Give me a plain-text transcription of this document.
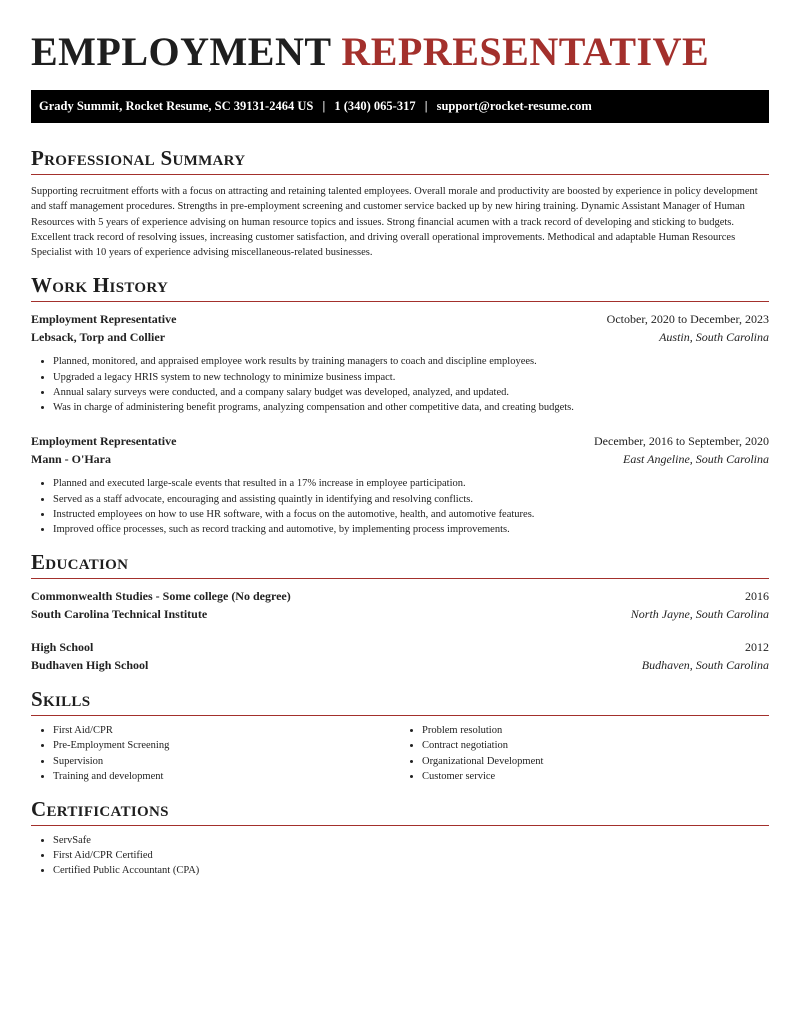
EMPLOYMENT REPRESENTATIVE
Grady Summit, Rocket Resume, SC 39131-2464 US | 1 (340) 065-317 | support@rocket-resume.com
Professional Summary

Supporting recruitment efforts with a focus on attracting and retaining talented employees. Overall morale and productivity are boosted by experience in policy development and staff management procedures. Strengths in pre-employment screening and customer service backed up by new hiring training. Dynamic Assistant Manager of Human Resources with 5 years of experience advising on human resource topics and issues. Strong financial acumen with a track record of developing and sticking to budgets. Excellent track record of resolving issues, increasing customer satisfaction, and driving overall operational improvements. Methodical and adaptable Human Resources Specialist with 10 years of experience advising miscellaneous-related businesses.

Work History
Employment Representative	October, 2020 to December, 2023
Lebsack, Torp and Collier	Austin, South Carolina
• Planned, monitored, and appraised employee work results by training managers to coach and discipline employees.
• Upgraded a legacy HRIS system to new technology to minimize business impact.
• Annual salary surveys were conducted, and a company salary budget was developed, analyzed, and updated.
• Was in charge of administering benefit programs, analyzing compensation and other competitive data, and creating budgets.
Employment Representative	December, 2016 to September, 2020
Mann - O'Hara	East Angeline, South Carolina
• Planned and executed large-scale events that resulted in a 17% increase in employee participation.
• Served as a staff advocate, encouraging and assisting quaintly in identifying and resolving conflicts.
• Instructed employees on how to use HR software, with a focus on the automotive, health, and automotive features.
• Improved office processes, such as record tracking and automotive, by implementing process improvements.
Education
Commonwealth Studies - Some college (No degree)	2016
South Carolina Technical Institute	North Jayne, South Carolina
High School	2012
Budhaven High School	Budhaven, South Carolina
Skills
• First Aid/CPR
• Pre-Employment Screening
• Supervision
• Training and development
• Problem resolution
• Contract negotiation
• Organizational Development
• Customer service
Certifications
• ServSafe
• First Aid/CPR Certified
• Certified Public Accountant (CPA)
